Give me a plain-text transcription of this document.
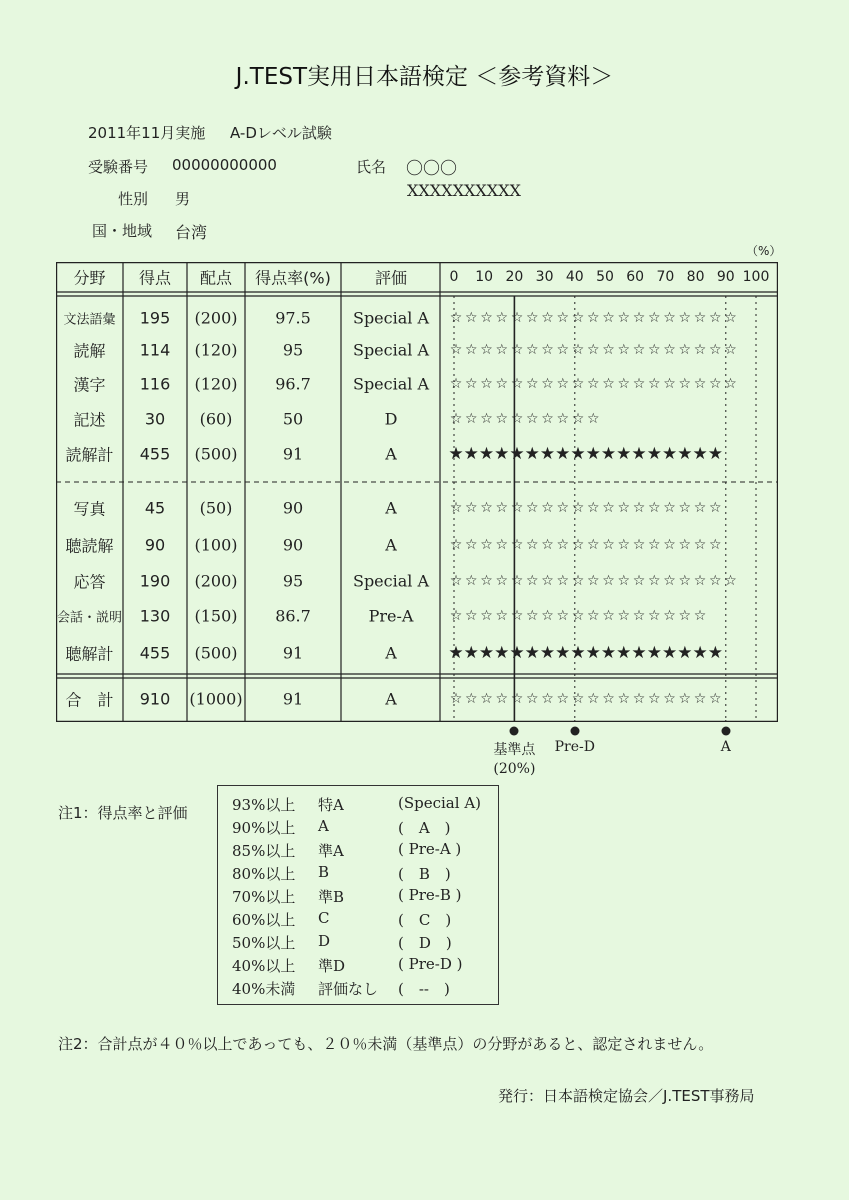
J.TEST実用日本語検定 ＜参考資料＞
2011年11月実施 A-Dレベル試験
受験番号 00000000000	氏名 〇〇〇
XXXXXXXXXX
性別 男
国・地域 台湾
（%）
分野 得点 配点 得点率(%)	評価	0 10 20 30 40 50 60 70 80 90 100
文法語彙 195 (200) 97.5	Special A ☆ ☆ ☆ ☆ ☆ ☆ ☆ ☆ ☆ ☆ ☆ ☆ ☆ ☆ ☆ ☆ ☆ ☆ ☆
読解 114 (120)	95	Special A ☆ ☆ ☆ ☆ ☆ ☆ ☆ ☆ ☆ ☆ ☆ ☆ ☆ ☆ ☆ ☆ ☆ ☆ ☆
漢字 116 (120) 96.7	Special A ☆ ☆ ☆ ☆ ☆ ☆ ☆ ☆ ☆ ☆ ☆ ☆ ☆ ☆ ☆ ☆ ☆ ☆ ☆
記述 30 (60)	50	D	☆ ☆ ☆ ☆ ☆ ☆ ☆ ☆ ☆ ☆
読解計 455 (500)	91	A	★ ★ ★ ★ ★ ★ ★ ★ ★ ★ ★ ★ ★ ★ ★ ★ ★ ★
写真 45 (50)	90	A	☆ ☆ ☆ ☆ ☆ ☆ ☆ ☆ ☆ ☆ ☆ ☆ ☆ ☆ ☆ ☆ ☆ ☆
聴読解 90 (100)	90	A	☆ ☆ ☆ ☆ ☆ ☆ ☆ ☆ ☆ ☆ ☆ ☆ ☆ ☆ ☆ ☆ ☆ ☆
応答 190 (200)	95	Special A ☆ ☆ ☆ ☆ ☆ ☆ ☆ ☆ ☆ ☆ ☆ ☆ ☆ ☆ ☆ ☆ ☆ ☆ ☆
会話・説明 130 (150) 86.7	Pre-A	☆ ☆ ☆ ☆ ☆ ☆ ☆ ☆ ☆ ☆ ☆ ☆ ☆ ☆ ☆ ☆ ☆
聴解計 455 (500)	91	A	★ ★ ★ ★ ★ ★ ★ ★ ★ ★ ★ ★ ★ ★ ★ ★ ★ ★
合　計 910 (1000)	91	A	☆ ☆ ☆ ☆ ☆ ☆ ☆ ☆ ☆ ☆ ☆ ☆ ☆ ☆ ☆ ☆ ☆ ☆
基準点
(20%)
Pre-D	A
注1：得点率と評価	93%以上 特A	(Special A)
90%以上 A	(　A　)
85%以上 準A	( Pre-A )
80%以上 B	(　B　)
70%以上 準B	( Pre-B )
60%以上 C	(　C　)
50%以上 D	(　D　)
40%以上 準D	( Pre-D )
40%未満 評価なし (　--　)
注2：合計点が４０％以上であっても、２０％未満（基準点）の分野があると、認定されません。
発行：日本語検定協会／J.TEST事務局
